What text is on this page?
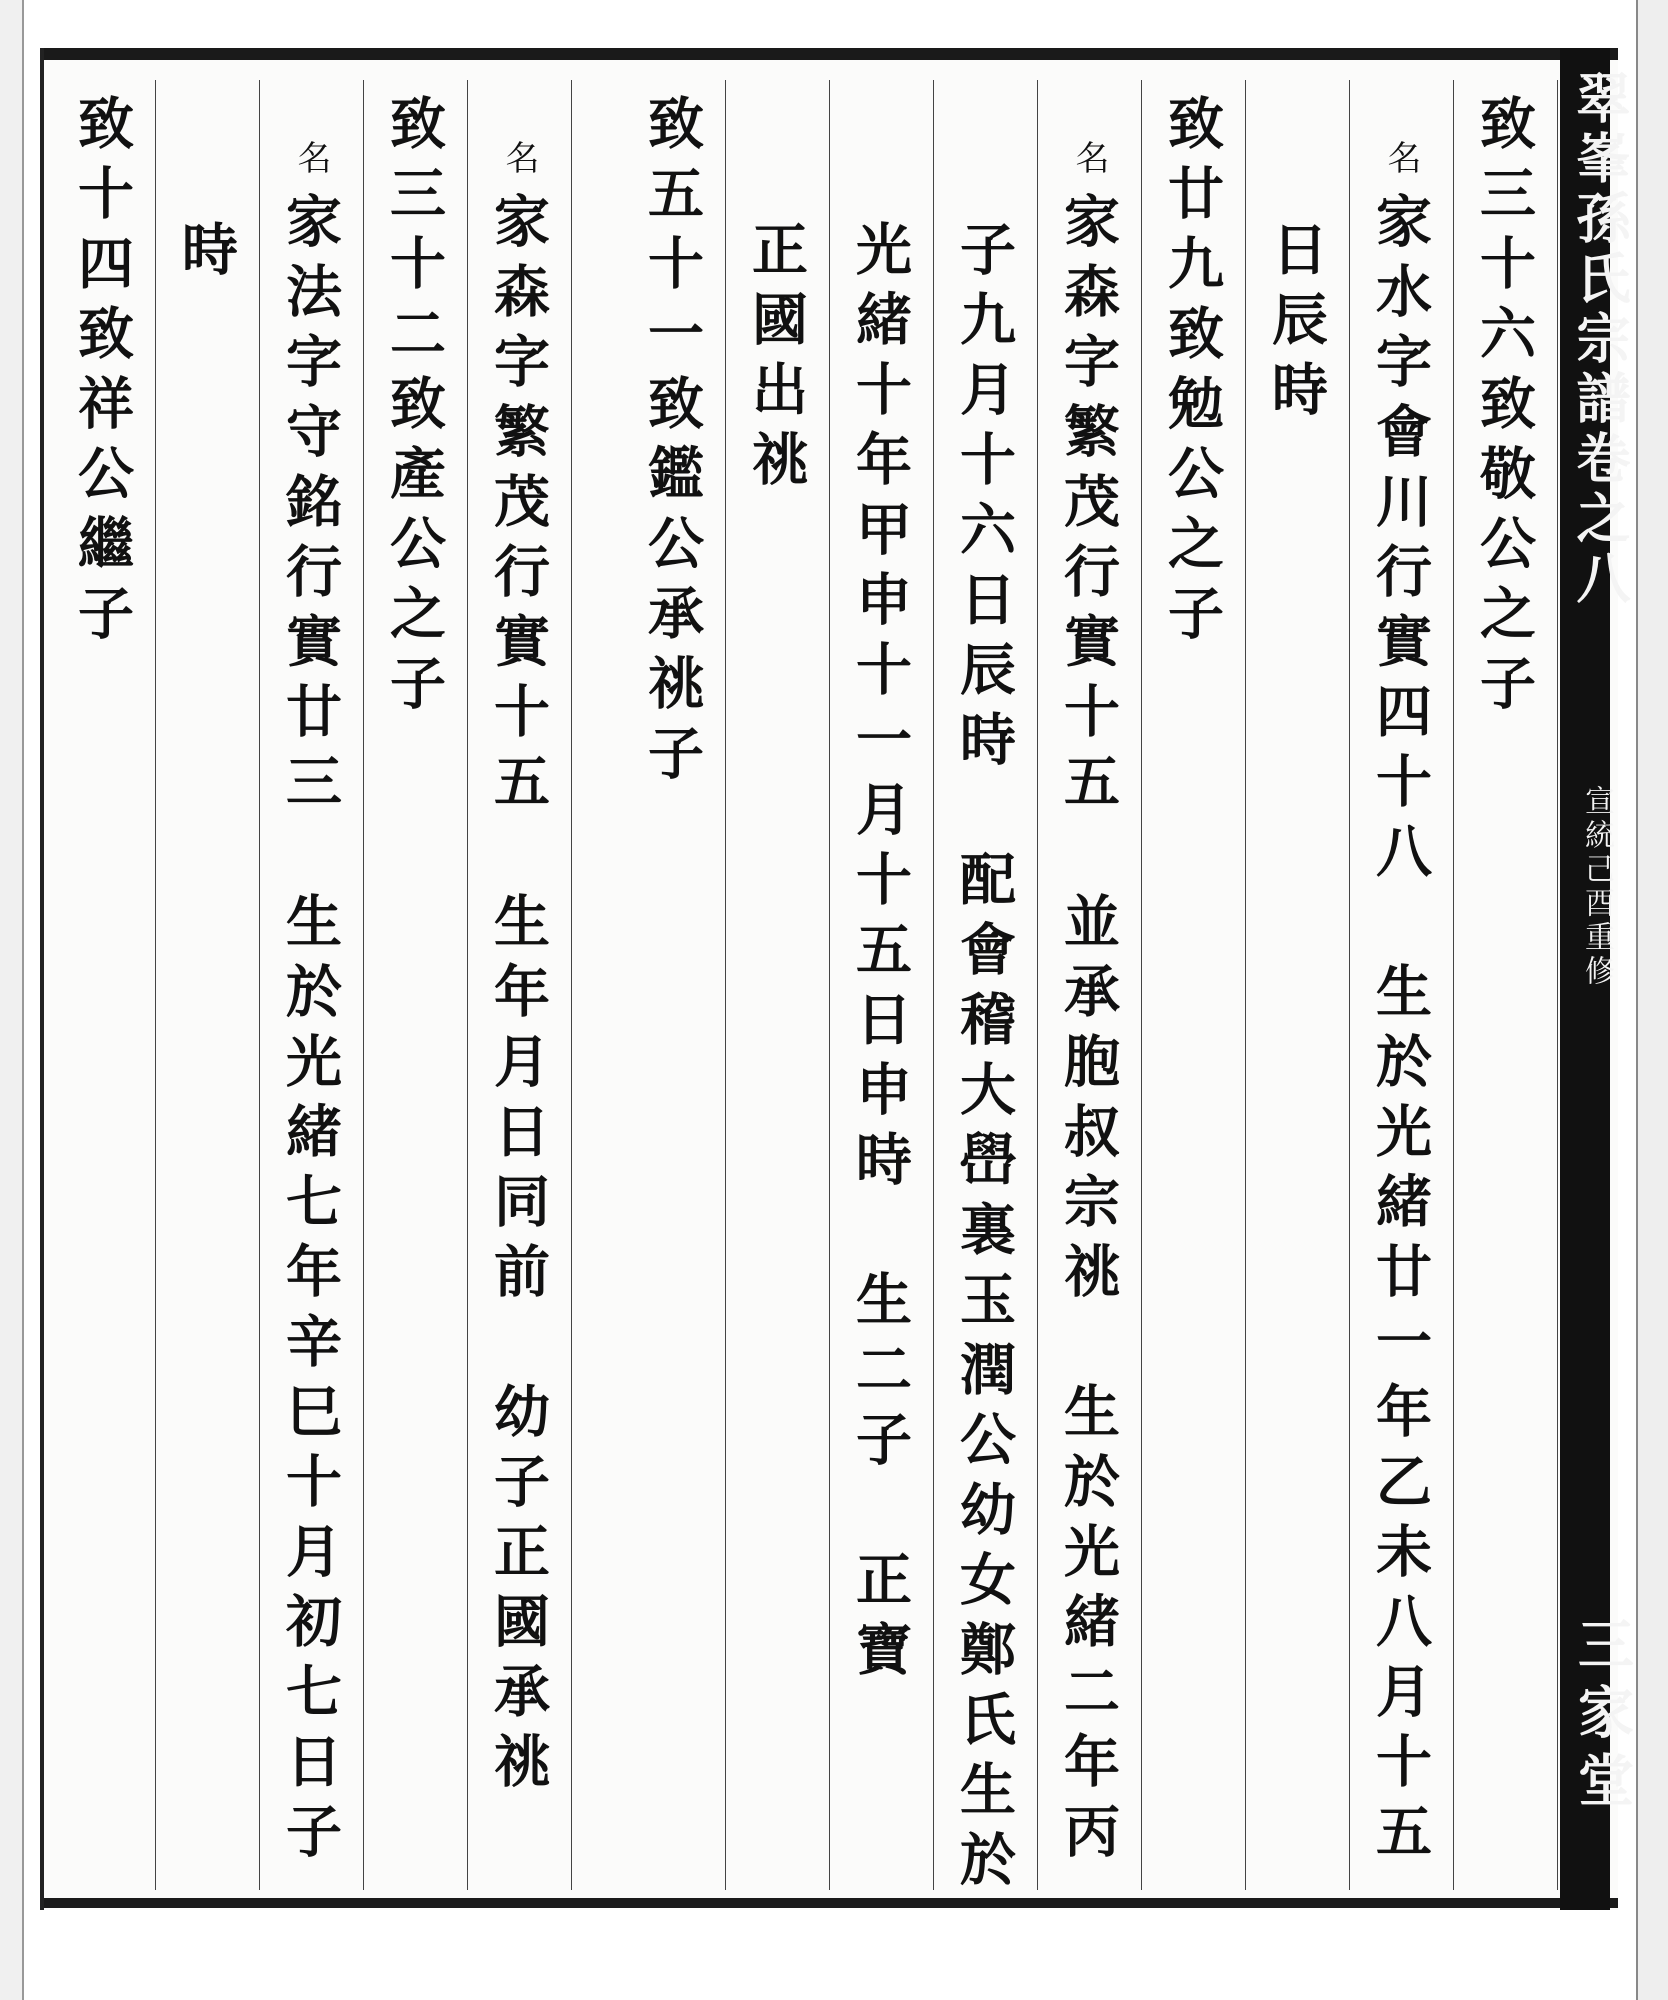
翠峯孫氏宗譜卷之八
宣統己酉重修
三家堂
致三十六致敬公之子
名
家水字會川行實四十八　生於光緒廿一年乙未八月十五
日辰時
致廿九致勉公之子
名
家森字繁茂行實十五　並承胞叔宗祧　生於光緒二年丙
子九月十六日辰時　配會稽大嶨裏玉潤公幼女鄭氏生於
光緒十年甲申十一月十五日申時　生二子　正寶
正國出祧
致五十一致鑑公承祧子
名
家森字繁茂行實十五　生年月日同前　幼子正國承祧
致三十二致產公之子
名
家法字守銘行實廿三　生於光緒七年辛巳十月初七日子
時
致十四致祥公繼子
